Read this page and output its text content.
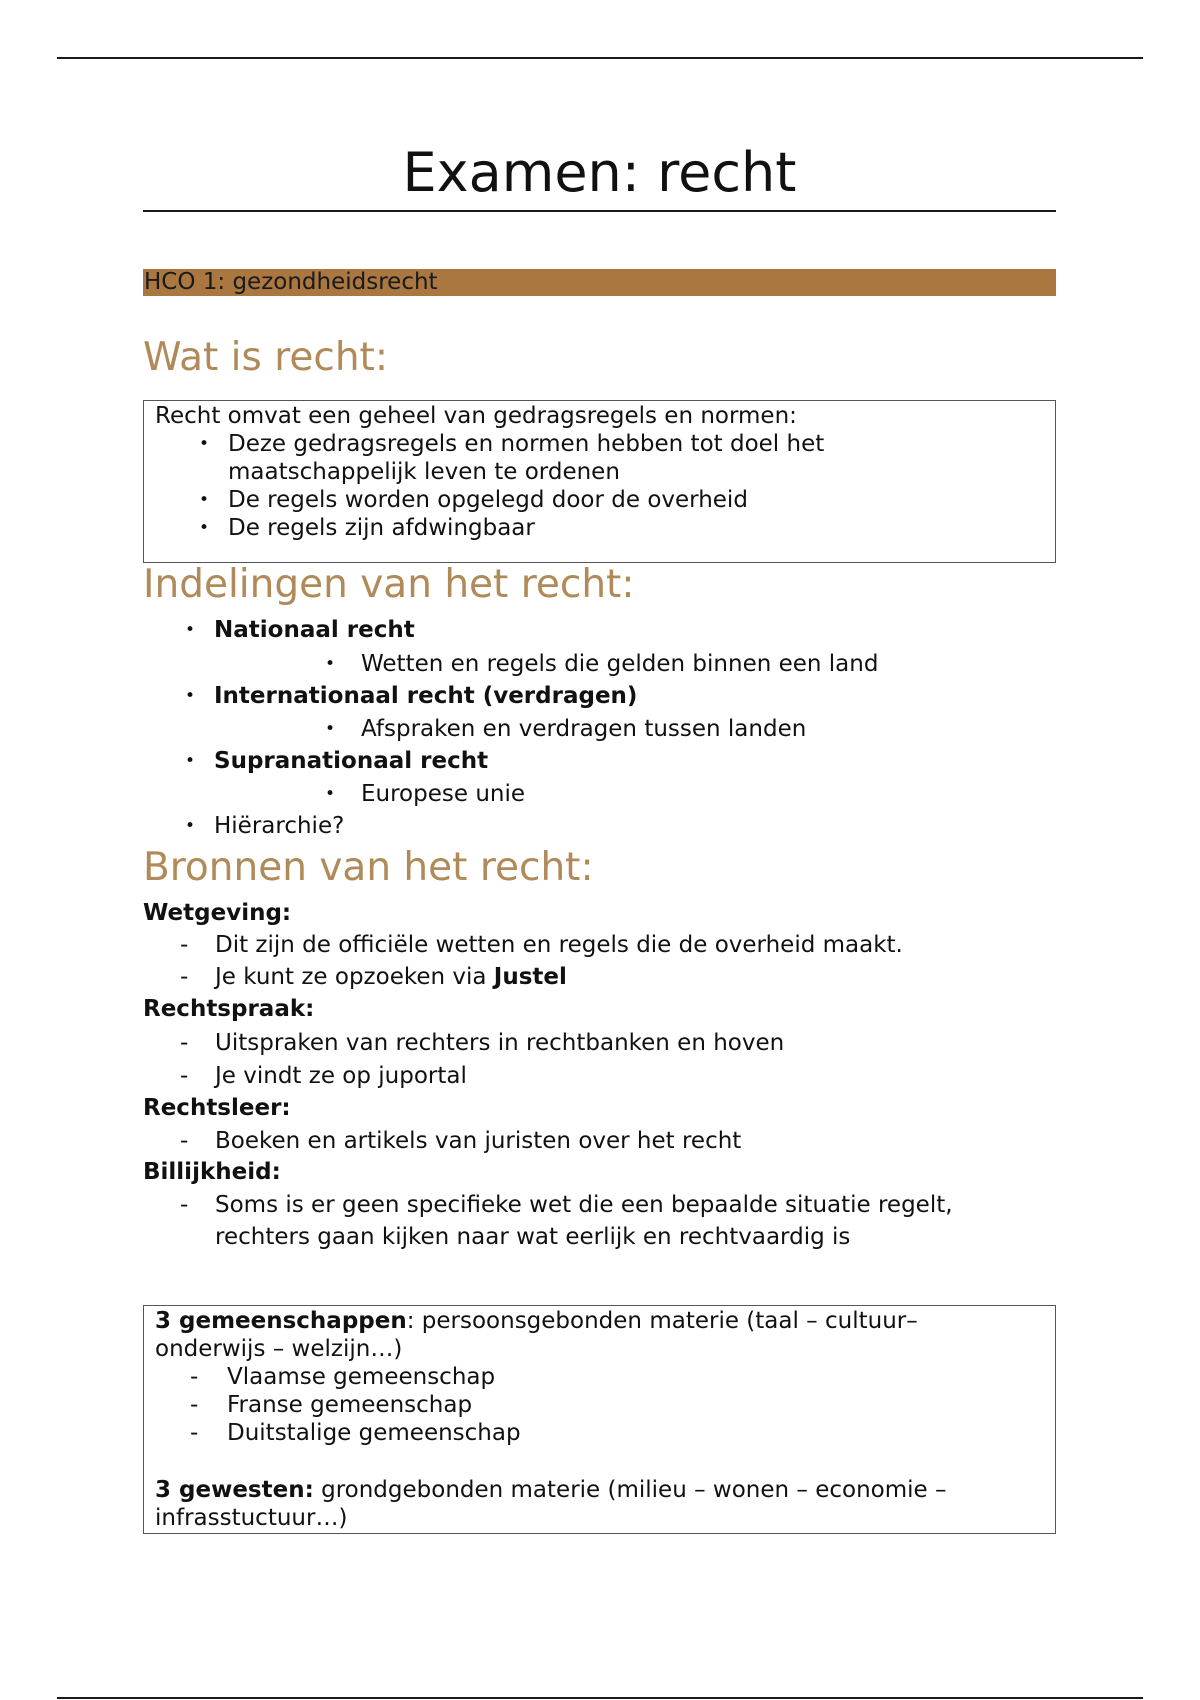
Examen: recht
HCO 1: gezondheidsrecht
Wat is recht:
Recht omvat een geheel van gedragsregels en normen:
• Deze gedragsregels en normen hebben tot doel het
maatschappelijk leven te ordenen
• De regels worden opgelegd door de overheid
• De regels zijn afdwingbaar
Indelingen van het recht:
• Nationaal recht
• Wetten en regels die gelden binnen een land
• Internationaal recht (verdragen)
• Afspraken en verdragen tussen landen
• Supranationaal recht
• Europese unie
• Hiërarchie?
Bronnen van het recht:
Wetgeving:
- Dit zijn de officiële wetten en regels die de overheid maakt.
- Je kunt ze opzoeken via Justel
Rechtspraak:
- Uitspraken van rechters in rechtbanken en hoven
- Je vindt ze op juportal
Rechtsleer:
- Boeken en artikels van juristen over het recht
Billijkheid:
- Soms is er geen specifieke wet die een bepaalde situatie regelt,
rechters gaan kijken naar wat eerlijk en rechtvaardig is
3 gemeenschappen: persoonsgebonden materie (taal – cultuur–
onderwijs – welzijn…)
- Vlaamse gemeenschap
- Franse gemeenschap
- Duitstalige gemeenschap
3 gewesten: grondgebonden materie (milieu – wonen – economie –
infrasstuctuur…)
